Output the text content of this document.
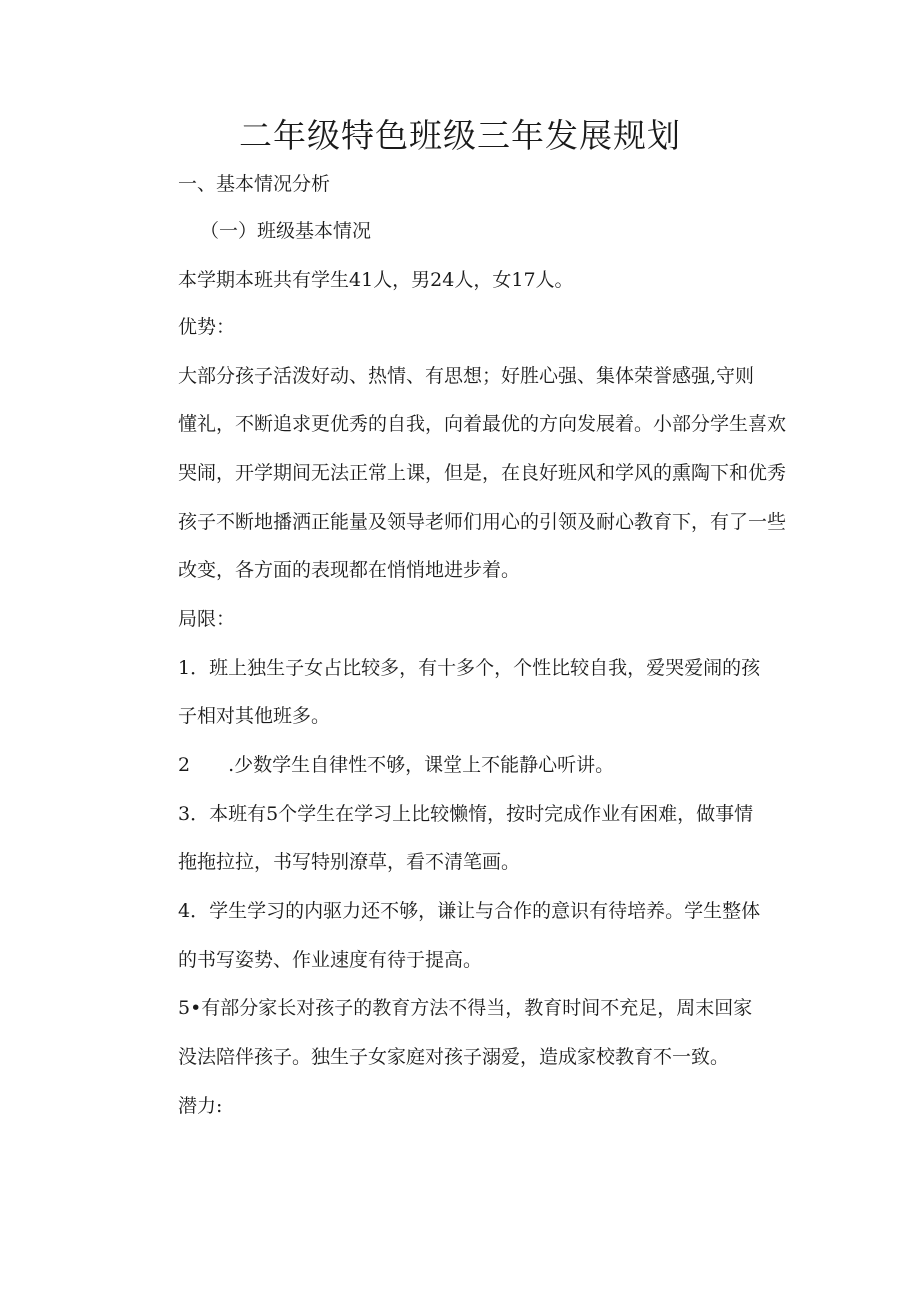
二年级特色班级三年发展规划

一、基本情况分析

（一）班级基本情况

本学期本班共有学生41人，男24人，女17人。

优势：

大部分孩子活泼好动、热情、有思想；好胜心强、集体荣誉感强,守则

懂礼，不断追求更优秀的自我，向着最优的方向发展着。小部分学生喜欢

哭闹，开学期间无法正常上课，但是，在良好班风和学风的熏陶下和优秀

孩子不断地播洒正能量及领导老师们用心的引领及耐心教育下，有了一些

改变，各方面的表现都在悄悄地进步着。

局限：

1．班上独生子女占比较多，有十多个，个性比较自我，爱哭爱闹的孩

子相对其他班多。

2　　.少数学生自律性不够，课堂上不能静心听讲。

3．本班有5个学生在学习上比较懒惰，按时完成作业有困难，做事情

拖拖拉拉，书写特别潦草，看不清笔画。

4．学生学习的内驱力还不够，谦让与合作的意识有待培养。学生整体

的书写姿势、作业速度有待于提高。

5•有部分家长对孩子的教育方法不得当，教育时间不充足，周末回家

没法陪伴孩子。独生子女家庭对孩子溺爱，造成家校教育不一致。

潜力:
